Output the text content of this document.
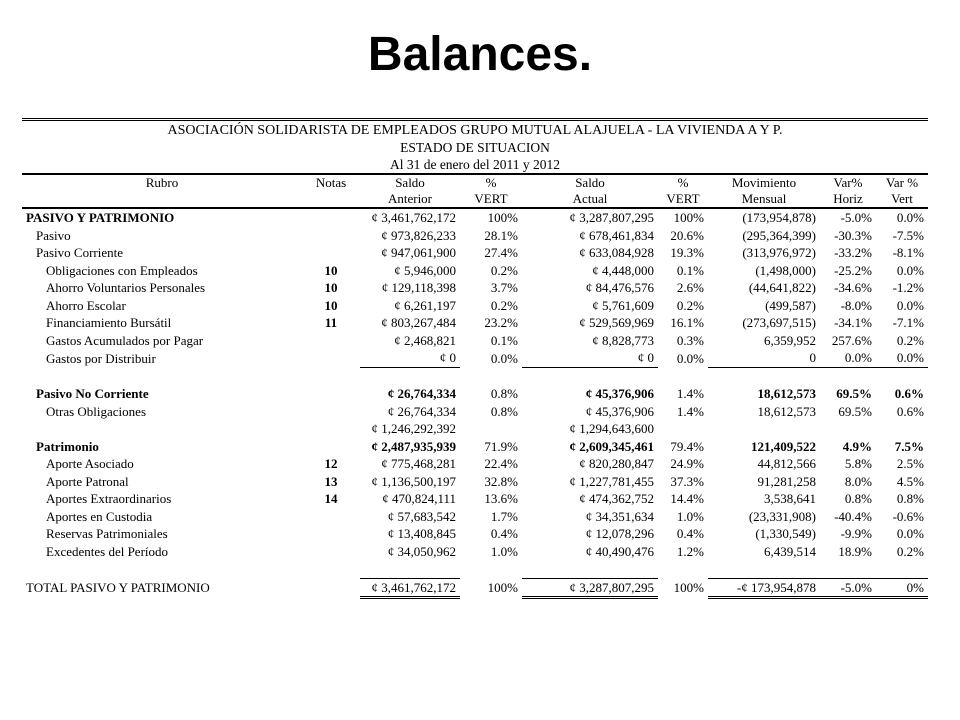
Balances.
ASOCIACIÓN SOLIDARISTA DE EMPLEADOS GRUPO MUTUAL ALAJUELA - LA VIVIENDA A Y P.
ESTADO DE SITUACION
Al 31 de enero del 2011 y 2012
Rubro	Notas	Saldo	%	Saldo	%	Movimiento	Var%	Var %
		Anterior	VERT	Actual	VERT	Mensual	Horiz	Vert
PASIVO Y PATRIMONIO		¢ 3,461,762,172	100%	¢ 3,287,807,295	100%	(173,954,878)	-5.0%	0.0%
Pasivo		¢ 973,826,233	28.1%	¢ 678,461,834	20.6%	(295,364,399)	-30.3%	-7.5%
Pasivo Corriente		¢ 947,061,900	27.4%	¢ 633,084,928	19.3%	(313,976,972)	-33.2%	-8.1%
Obligaciones con Empleados	10	¢ 5,946,000	0.2%	¢ 4,448,000	0.1%	(1,498,000)	-25.2%	0.0%
Ahorro Voluntarios Personales	10	¢ 129,118,398	3.7%	¢ 84,476,576	2.6%	(44,641,822)	-34.6%	-1.2%
Ahorro Escolar	10	¢ 6,261,197	0.2%	¢ 5,761,609	0.2%	(499,587)	-8.0%	0.0%
Financiamiento Bursátil	11	¢ 803,267,484	23.2%	¢ 529,569,969	16.1%	(273,697,515)	-34.1%	-7.1%
Gastos Acumulados por Pagar		¢ 2,468,821	0.1%	¢ 8,828,773	0.3%	6,359,952	257.6%	0.2%
Gastos por Distribuir		¢ 0	0.0%	¢ 0	0.0%	0	0.0%	0.0%

Pasivo No Corriente		¢ 26,764,334	0.8%	¢ 45,376,906	1.4%	18,612,573	69.5%	0.6%
Otras Obligaciones		¢ 26,764,334	0.8%	¢ 45,376,906	1.4%	18,612,573	69.5%	0.6%
		¢ 1,246,292,392		¢ 1,294,643,600				
Patrimonio		¢ 2,487,935,939	71.9%	¢ 2,609,345,461	79.4%	121,409,522	4.9%	7.5%
Aporte Asociado	12	¢ 775,468,281	22.4%	¢ 820,280,847	24.9%	44,812,566	5.8%	2.5%
Aporte Patronal	13	¢ 1,136,500,197	32.8%	¢ 1,227,781,455	37.3%	91,281,258	8.0%	4.5%
Aportes Extraordinarios	14	¢ 470,824,111	13.6%	¢ 474,362,752	14.4%	3,538,641	0.8%	0.8%
Aportes en Custodia		¢ 57,683,542	1.7%	¢ 34,351,634	1.0%	(23,331,908)	-40.4%	-0.6%
Reservas Patrimoniales		¢ 13,408,845	0.4%	¢ 12,078,296	0.4%	(1,330,549)	-9.9%	0.0%
Excedentes del Período		¢ 34,050,962	1.0%	¢ 40,490,476	1.2%	6,439,514	18.9%	0.2%

TOTAL PASIVO Y PATRIMONIO		¢ 3,461,762,172	100%	¢ 3,287,807,295	100%	-¢ 173,954,878	-5.0%	0%
